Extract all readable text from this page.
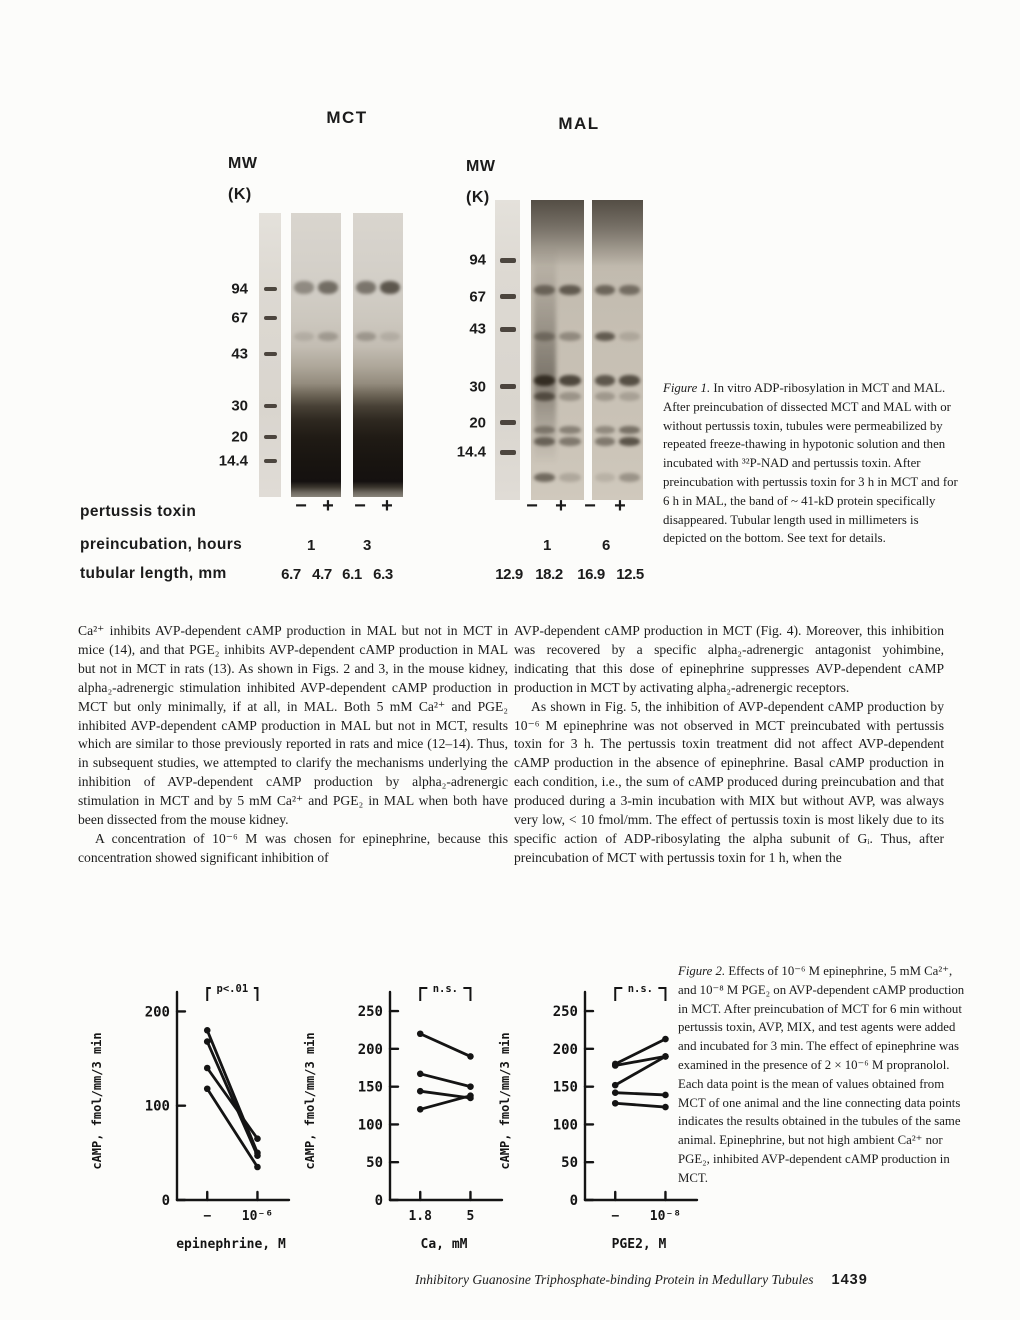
MCT	MAL
MW
(K)
MW
(K)
94
67
43
30
20
14.4
94
67
43
30
20
14.4
pertussis toxin	− + − +	− + − +
preincubation, hours	1	3	1	6
tubular length, mm	6.7 4.7 6.1 6.3	12.9 18.2 16.9 12.5
Figure 1. In vitro ADP-ribosylation in MCT and MAL. After preincubation of dissected MCT and MAL with or without pertussis toxin, tubules were permeabilized by repeated freeze-thawing in hypotonic solution and then incubated with ³²P-NAD and pertussis toxin. After preincubation with pertussis toxin for 3 h in MCT and for 6 h in MAL, the band of ~ 41-kD protein specifically disappeared. Tubular length used in millimeters is depicted on the bottom. See text for details.

Ca²⁺ inhibits AVP-dependent cAMP production in MAL but not in MCT in mice (14), and that PGE₂ inhibits AVP-dependent cAMP production in MAL but not in MCT in rats (13). As shown in Figs. 2 and 3, in the mouse kidney, alpha₂-adrenergic stimulation inhibited AVP-dependent cAMP production in MCT but only minimally, if at all, in MAL. Both 5 mM Ca²⁺ and PGE₂ inhibited AVP-dependent cAMP production in MAL but not in MCT, results which are similar to those previously reported in rats and mice (12–14). Thus, in subsequent studies, we attempted to clarify the mechanisms underlying the inhibition of AVP-dependent cAMP production by alpha₂-adrenergic stimulation in MCT and by 5 mM Ca²⁺ and PGE₂ in MAL when both have been dissected from the mouse kidney.

A concentration of 10⁻⁶ M was chosen for epinephrine, because this concentration showed significant inhibition of

AVP-dependent cAMP production in MCT (Fig. 4). Moreover, this inhibition was recovered by a specific alpha₂-adrenergic antagonist yohimbine, indicating that this dose of epinephrine suppresses AVP-dependent cAMP production in MCT by activating alpha₂-adrenergic receptors.

As shown in Fig. 5, the inhibition of AVP-dependent cAMP production by 10⁻⁶ M epinephrine was not observed in MCT preincubated with pertussis toxin for 3 h. The pertussis toxin treatment did not affect AVP-dependent cAMP production in the absence of epinephrine. Basal cAMP production in each condition, i.e., the sum of cAMP produced during preincubation and that produced during a 3-min incubation with MIX but without AVP, was always very low, < 10 fmol/mm. The effect of pertussis toxin is most likely due to its specific action of ADP-ribosylating the alpha subunit of Gᵢ. Thus, after preincubation of MCT with pertussis toxin for 1 h, when the

0
100
200
− 10⁻⁶
epinephrine, M
cAMP, fmol/mm/3 min
p<.01
0
50
100
150
200
250
1.8	5
Ca, mM
cAMP, fmol/mm/3 min
n.s.
0
50
100
150
200
250
− 10⁻⁸
PGE2, M
cAMP, fmol/mm/3 min
n.s.
Figure 2. Effects of 10⁻⁶ M epinephrine, 5 mM Ca²⁺, and 10⁻⁸ M PGE₂ on AVP-dependent cAMP production in MCT. After preincubation of MCT for 6 min without pertussis toxin, AVP, MIX, and test agents were added and incubated for 3 min. The effect of epinephrine was examined in the presence of 2 × 10⁻⁶ M propranolol. Each data point is the mean of values obtained from MCT of one animal and the line connecting data points indicates the results obtained in the tubules of the same animal. Epinephrine, but not high ambient Ca²⁺ nor PGE₂, inhibited AVP-dependent cAMP production in MCT.
Inhibitory Guanosine Triphosphate-binding Protein in Medullary Tubules 1439
